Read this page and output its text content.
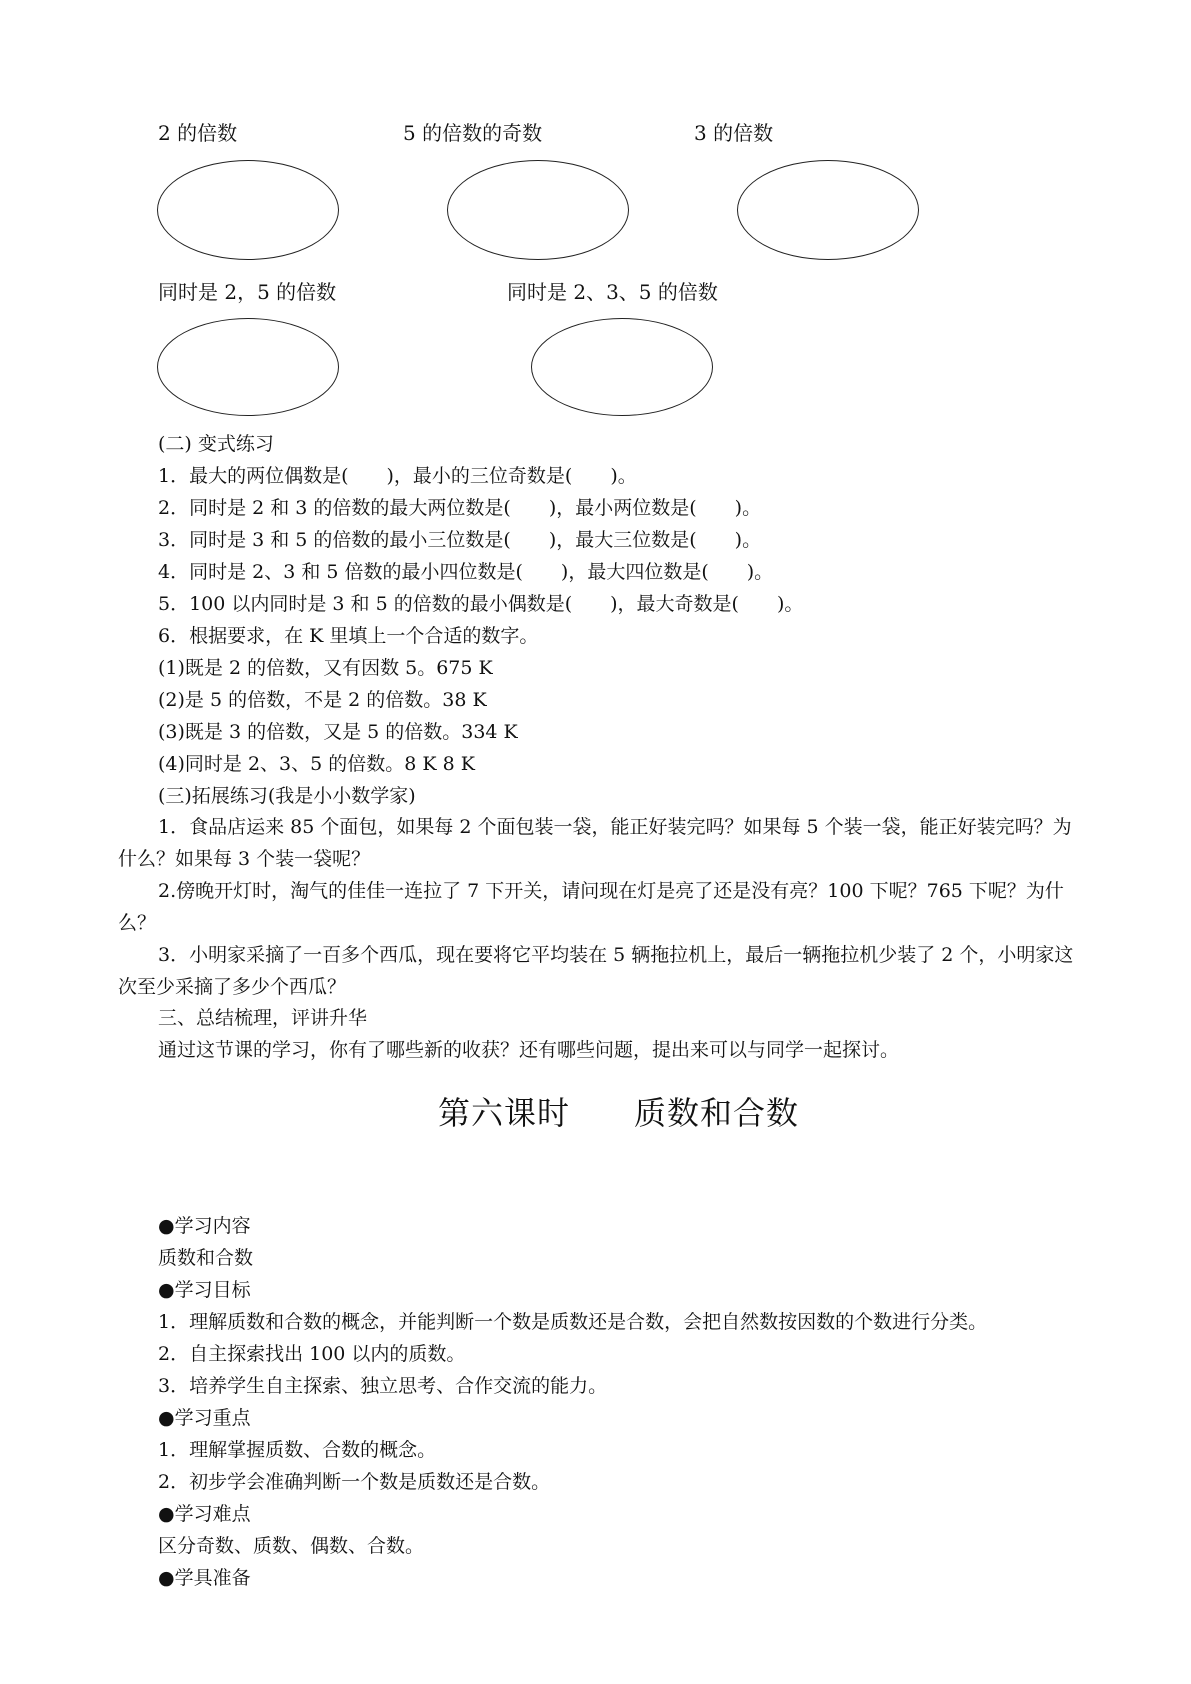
2 的倍数	5 的倍数的奇数	3 的倍数
同时是 2，5 的倍数	同时是 2、3、5 的倍数
(二) 变式练习
1．最大的两位偶数是(　　)，最小的三位奇数是(　　)。
2．同时是 2 和 3 的倍数的最大两位数是(　　)，最小两位数是(　　)。
3．同时是 3 和 5 的倍数的最小三位数是(　　)，最大三位数是(　　)。
4．同时是 2、3 和 5 倍数的最小四位数是(　　)，最大四位数是(　　)。
5．100 以内同时是 3 和 5 的倍数的最小偶数是(　　)，最大奇数是(　　)。
6．根据要求，在 K 里填上一个合适的数字。
(1)既是 2 的倍数，又有因数 5。675 K
(2)是 5 的倍数，不是 2 的倍数。38 K
(3)既是 3 的倍数，又是 5 的倍数。334 K
(4)同时是 2、3、5 的倍数。8 K 8 K
(三)拓展练习(我是小小数学家)
1．食品店运来 85 个面包，如果每 2 个面包装一袋，能正好装完吗？如果每 5 个装一袋，能正好装完吗？为什么？如果每 3 个装一袋呢？
2.傍晚开灯时，淘气的佳佳一连拉了 7 下开关，请问现在灯是亮了还是没有亮？100 下呢？765 下呢？为什么？
3．小明家采摘了一百多个西瓜，现在要将它平均装在 5 辆拖拉机上，最后一辆拖拉机少装了 2 个，小明家这次至少采摘了多少个西瓜？
三、总结梳理，评讲升华
通过这节课的学习，你有了哪些新的收获？还有哪些问题，提出来可以与同学一起探讨。
第六课时 质数和合数
●学习内容
质数和合数
●学习目标
1．理解质数和合数的概念，并能判断一个数是质数还是合数，会把自然数按因数的个数进行分类。
2．自主探索找出 100 以内的质数。
3．培养学生自主探索、独立思考、合作交流的能力。
●学习重点
1．理解掌握质数、合数的概念。
2．初步学会准确判断一个数是质数还是合数。
●学习难点
区分奇数、质数、偶数、合数。
●学具准备
